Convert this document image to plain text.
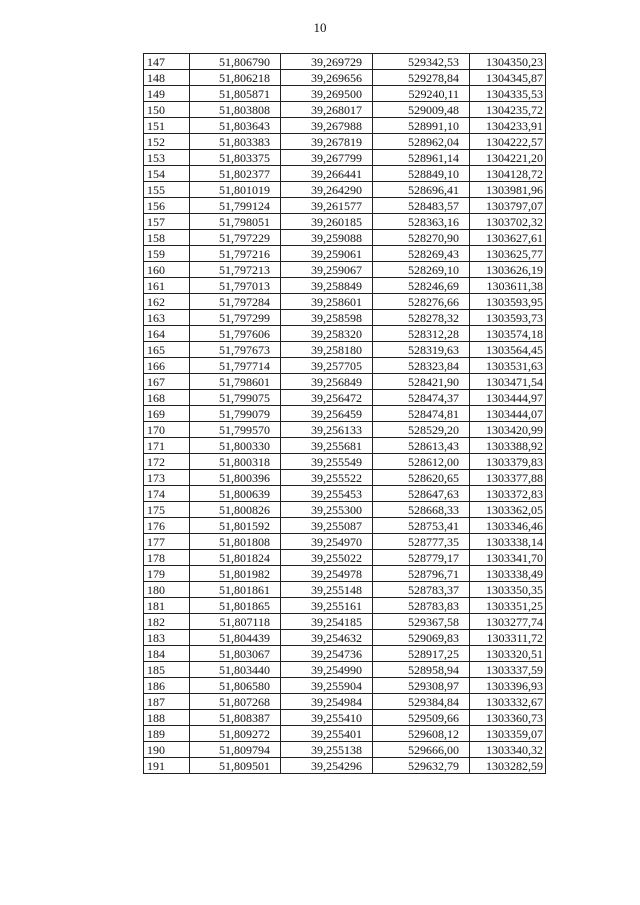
10
147	51,806790	39,269729	529342,53	1304350,23
148	51,806218	39,269656	529278,84	1304345,87
149	51,805871	39,269500	529240,11	1304335,53
150	51,803808	39,268017	529009,48	1304235,72
151	51,803643	39,267988	528991,10	1304233,91
152	51,803383	39,267819	528962,04	1304222,57
153	51,803375	39,267799	528961,14	1304221,20
154	51,802377	39,266441	528849,10	1304128,72
155	51,801019	39,264290	528696,41	1303981,96
156	51,799124	39,261577	528483,57	1303797,07
157	51,798051	39,260185	528363,16	1303702,32
158	51,797229	39,259088	528270,90	1303627,61
159	51,797216	39,259061	528269,43	1303625,77
160	51,797213	39,259067	528269,10	1303626,19
161	51,797013	39,258849	528246,69	1303611,38
162	51,797284	39,258601	528276,66	1303593,95
163	51,797299	39,258598	528278,32	1303593,73
164	51,797606	39,258320	528312,28	1303574,18
165	51,797673	39,258180	528319,63	1303564,45
166	51,797714	39,257705	528323,84	1303531,63
167	51,798601	39,256849	528421,90	1303471,54
168	51,799075	39,256472	528474,37	1303444,97
169	51,799079	39,256459	528474,81	1303444,07
170	51,799570	39,256133	528529,20	1303420,99
171	51,800330	39,255681	528613,43	1303388,92
172	51,800318	39,255549	528612,00	1303379,83
173	51,800396	39,255522	528620,65	1303377,88
174	51,800639	39,255453	528647,63	1303372,83
175	51,800826	39,255300	528668,33	1303362,05
176	51,801592	39,255087	528753,41	1303346,46
177	51,801808	39,254970	528777,35	1303338,14
178	51,801824	39,255022	528779,17	1303341,70
179	51,801982	39,254978	528796,71	1303338,49
180	51,801861	39,255148	528783,37	1303350,35
181	51,801865	39,255161	528783,83	1303351,25
182	51,807118	39,254185	529367,58	1303277,74
183	51,804439	39,254632	529069,83	1303311,72
184	51,803067	39,254736	528917,25	1303320,51
185	51,803440	39,254990	528958,94	1303337,59
186	51,806580	39,255904	529308,97	1303396,93
187	51,807268	39,254984	529384,84	1303332,67
188	51,808387	39,255410	529509,66	1303360,73
189	51,809272	39,255401	529608,12	1303359,07
190	51,809794	39,255138	529666,00	1303340,32
191	51,809501	39,254296	529632,79	1303282,59
